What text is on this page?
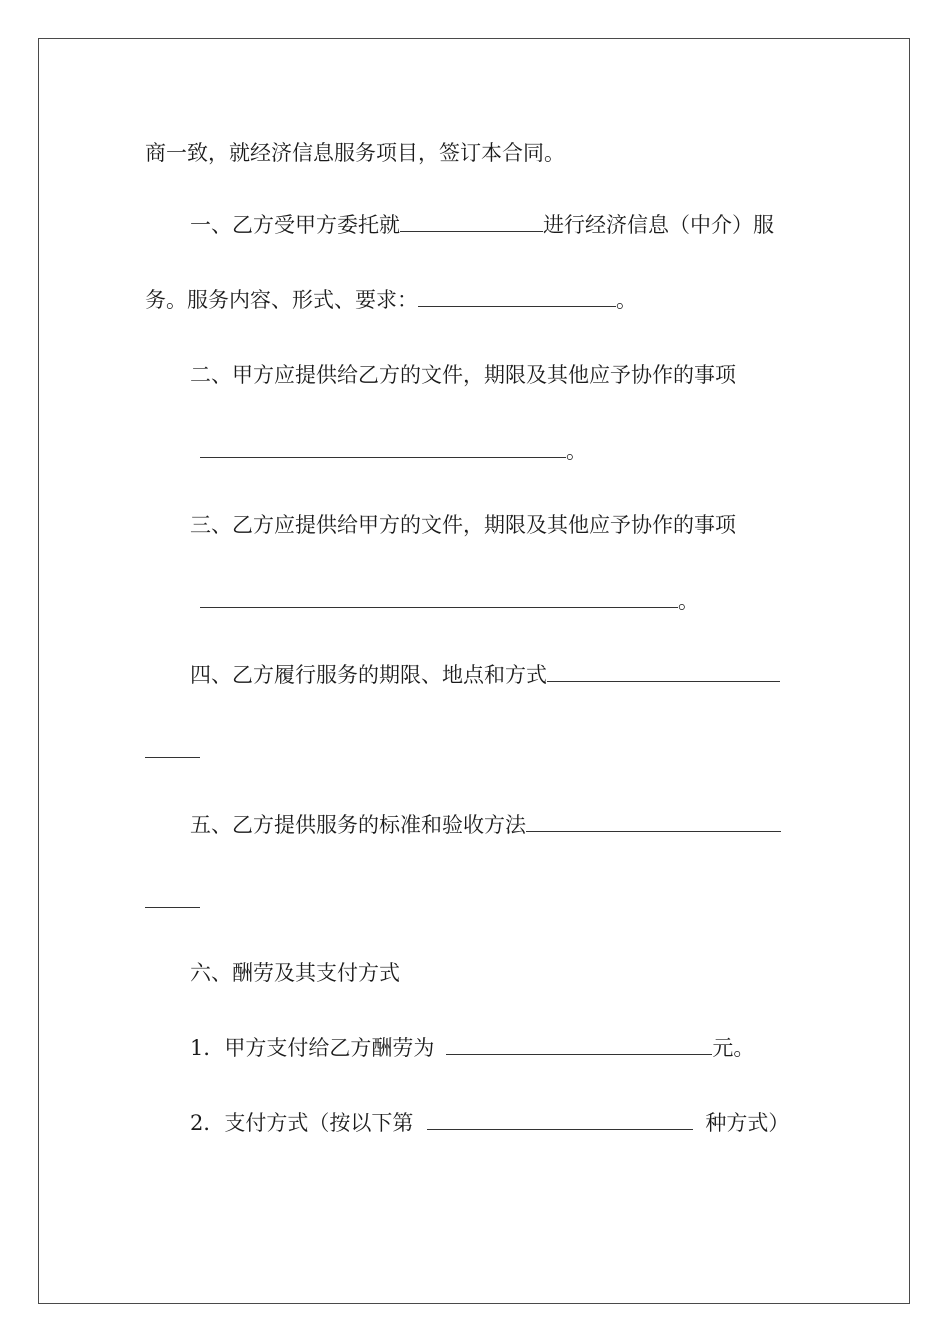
商一致，就经济信息服务项目，签订本合同。
一、乙方受甲方委托就	进行经济信息（中介）服
务。服务内容、形式、要求：	。
二、甲方应提供给乙方的文件，期限及其他应予协作的事项
。
三、乙方应提供给甲方的文件，期限及其他应予协作的事项
。
四、乙方履行服务的期限、地点和方式
五、乙方提供服务的标准和验收方法
六、酬劳及其支付方式
1．甲方支付给乙方酬劳为	元。
2．支付方式（按以下第	种方式）
